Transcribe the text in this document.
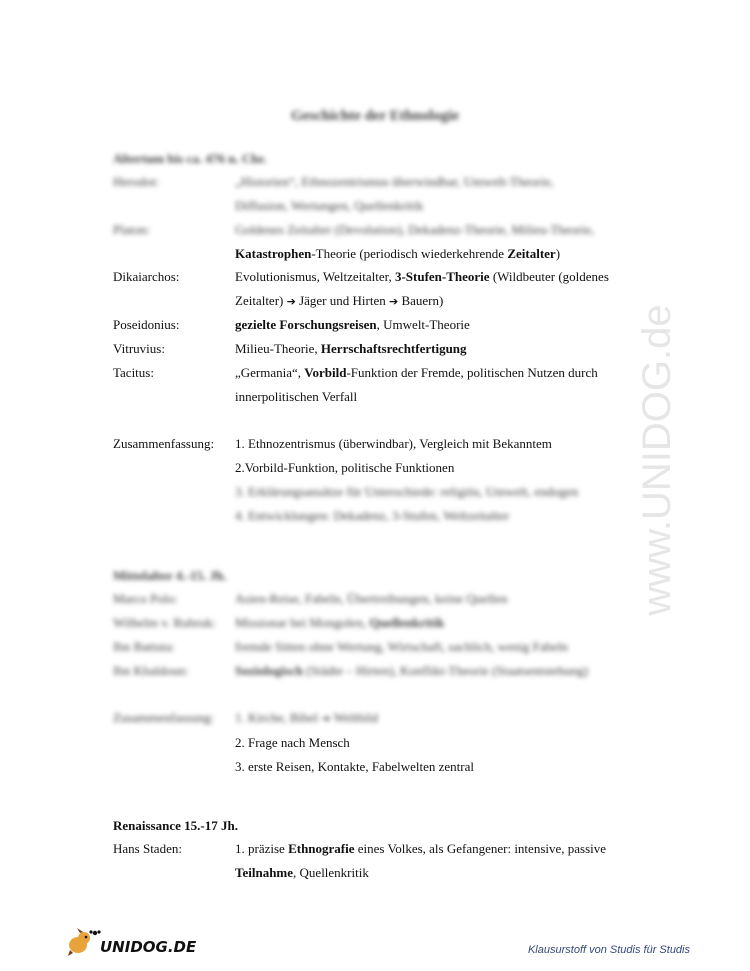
Geschichte der Ethnologie
Altertum bis ca. 476 n. Chr.
Herodot:	„Historien“, Ethnozentrismus überwindbar, Umwelt-Theorie,
Diffusion, Wertungen, Quellenkritik
Platon:	Goldenes Zeitalter (Devolution), Dekadenz-Theorie, Milieu-Theorie,
Katastrophen-Theorie (periodisch wiederkehrende Zeitalter)
Dikaiarchos:	Evolutionismus, Weltzeitalter, 3-Stufen-Theorie (Wildbeuter (goldenes
Zeitalter) ➔ Jäger und Hirten ➔ Bauern)
Poseidonius:	gezielte Forschungsreisen, Umwelt-Theorie
Vitruvius:	Milieu-Theorie, Herrschaftsrechtfertigung
Tacitus:	„Germania“, Vorbild-Funktion der Fremde, politischen Nutzen durch
innerpolitischen Verfall
Zusammenfassung:	1. Ethnozentrismus (überwindbar), Vergleich mit Bekanntem
2.Vorbild-Funktion, politische Funktionen
3. Erklärungsansätze für Unterschiede: religiös, Umwelt, endogen
4. Entwicklungen: Dekadenz, 3-Stufen, Weltzeitalter
Mittelalter 4.-15. Jh.
Marco Polo:	Asien-Reise, Fabeln, Übertreibungen, keine Quellen
Wilhelm v. Rubruk:	Missionar bei Mongolen, Quellenkritik
Ibn Battuta:	fremde Sitten ohne Wertung, Wirtschaft, sachlich, wenig Fabeln
Ibn Khaldoun:	Soziologisch (Städte – Hirten), Konflikt-Theorie (Staatsentstehung)
Zusammenfassung:	1. Kirche, Bibel ➔ Weltbild
2. Frage nach Mensch
3. erste Reisen, Kontakte, Fabelwelten zentral
Renaissance 15.-17 Jh.
Hans Staden:	1. präzise Ethnografie eines Volkes, als Gefangener: intensive, passive
Teilnahme, Quellenkritik
www.UNIDOG.de
UNIDOG.DE	Klausurstoff von Studis für Studis
